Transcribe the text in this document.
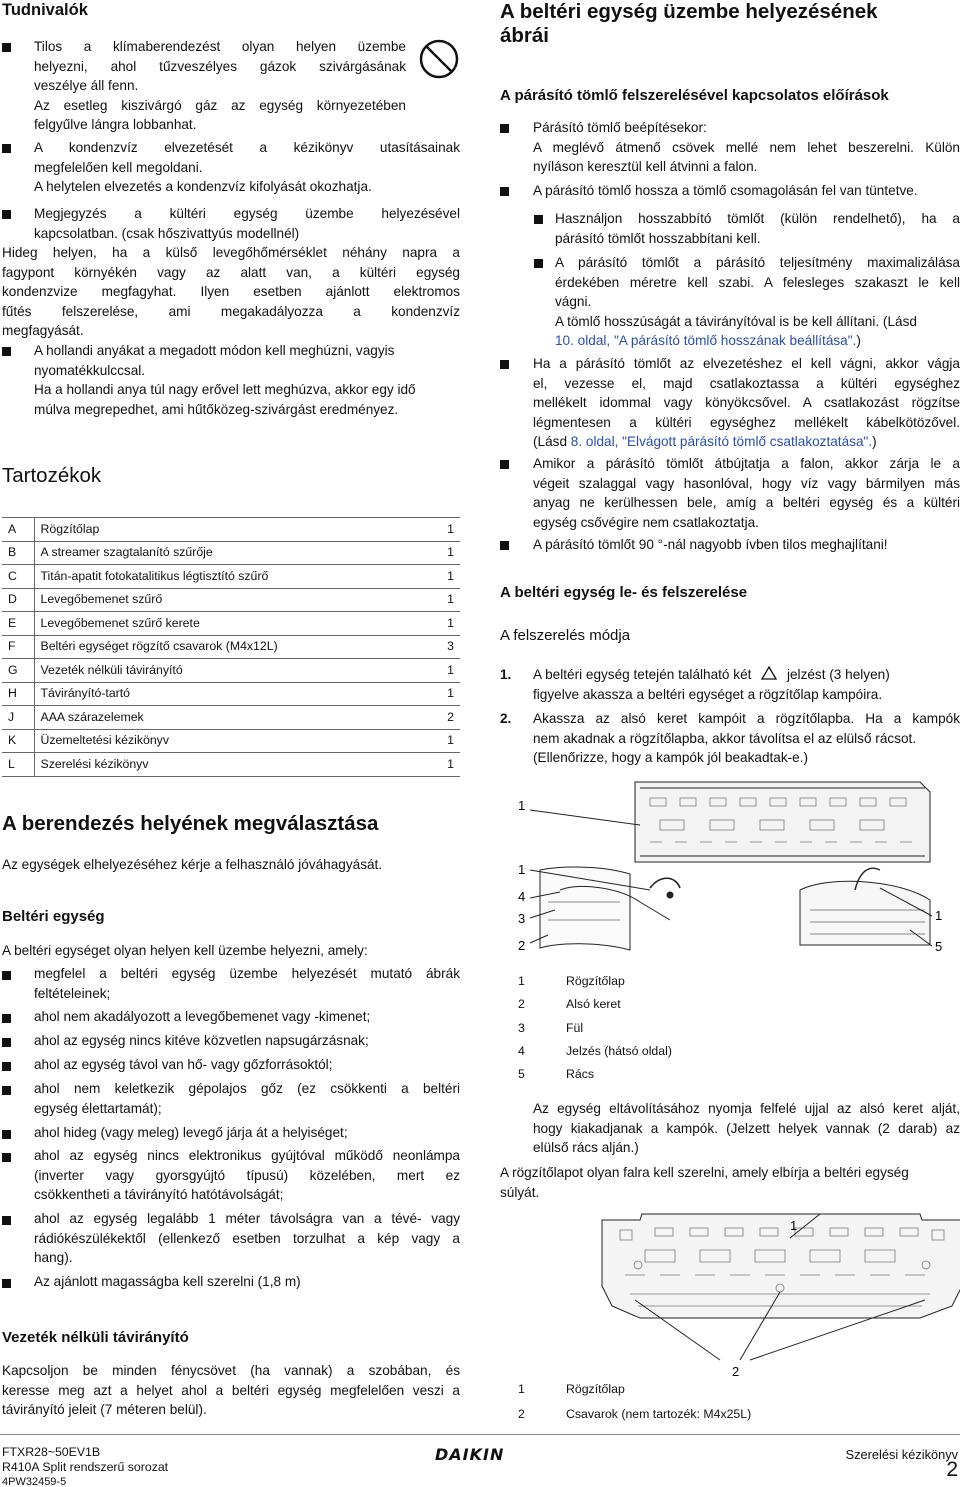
Tudnivalók
Tilos a klímaberendezést olyan helyen üzembe
helyezni, ahol tűzveszélyes gázok szivárgásának
veszélye áll fenn.
Az esetleg kiszivárgó gáz az egység környezetében
felgyűlve lángra lobbanhat.
A kondenzvíz elvezetését a kézikönyv utasításainak
megfelelően kell megoldani.
A helytelen elvezetés a kondenzvíz kifolyását okozhatja.
Megjegyzés a kültéri egység üzembe helyezésével
kapcsolatban. (csak hőszivattyús modellnél)
Hideg helyen, ha a külső levegőhőmérséklet néhány napra a
fagypont környékén vagy az alatt van, a kültéri egység
kondenzvize megfagyhat. Ilyen esetben ajánlott elektromos
fűtés felszerelése, ami megakadályozza a kondenzvíz
megfagyását.
A hollandi anyákat a megadott módon kell meghúzni, vagyis
nyomatékkulccsal.
Ha a hollandi anya túl nagy erővel lett meghúzva, akkor egy idő
múlva megrepedhet, ami hűtőközeg-szivárgást eredményez.
Tartozékok
A	Rögzítőlap	1
B	A streamer szagtalanító szűrője	1
C	Titán-apatit fotokatalitikus légtisztító szűrő	1
D	Levegőbemenet szűrő	1
E	Levegőbemenet szűrő kerete	1
F	Beltéri egységet rögzítő csavarok (M4x12L)	3
G	Vezeték nélküli távirányító	1
H	Távirányító-tartó	1
J	AAA szárazelemek	2
K	Üzemeltetési kézikönyv	1
L	Szerelési kézikönyv	1
A berendezés helyének megválasztása
Az egységek elhelyezéséhez kérje a felhasználó jóváhagyását.
Beltéri egység
A beltéri egységet olyan helyen kell üzembe helyezni, amely:
megfelel a beltéri egység üzembe helyezését mutató ábrák
feltételeinek;
ahol nem akadályozott a levegőbemenet vagy -kimenet;
ahol az egység nincs kitéve közvetlen napsugárzásnak;
ahol az egység távol van hő- vagy gőzforrásoktól;
ahol nem keletkezik gépolajos gőz (ez csökkenti a beltéri
egység élettartamát);
ahol hideg (vagy meleg) levegő járja át a helyiséget;
ahol az egység nincs elektronikus gyújtóval működő neonlámpa
(inverter vagy gyorsgyújtó típusú) közelében, mert ez
csökkentheti a távirányító hatótávolságát;
ahol az egység legalább 1 méter távolságra van a tévé- vagy
rádiókészülékektől (ellenkező esetben torzulhat a kép vagy a
hang).
Az ajánlott magasságba kell szerelni (1,8 m)
Vezeték nélküli távirányító
Kapcsoljon be minden fénycsövet (ha vannak) a szobában, és
keresse meg azt a helyet ahol a beltéri egység megfelelően veszi a
távirányító jeleit (7 méteren belül).
A beltéri egység üzembe helyezésének
ábrái
A párásító tömlő felszerelésével kapcsolatos előírások
Párásító tömlő beépítésekor:
A meglévő átmenő csövek mellé nem lehet beszerelni. Külön
nyíláson keresztül kell átvinni a falon.
A párásító tömlő hossza a tömlő csomagolásán fel van tüntetve.
Használjon hosszabbító tömlőt (külön rendelhető), ha a
párásító tömlőt hosszabbítani kell.
A párásító tömlőt a párásító teljesítmény maximalizálása
érdekében méretre kell szabi. A felesleges szakaszt le kell
vágni.
A tömlő hosszúságát a távirányítóval is be kell állítani. (Lásd
10. oldal, "A párásító tömlő hosszának beállítása".)
Ha a párásító tömlőt az elvezetéshez el kell vágni, akkor vágja
el, vezesse el, majd csatlakoztassa a kültéri egységhez
mellékelt idommal vagy könyökcsővel. A csatlakozást rögzítse
légmentesen a kültéri egységhez mellékelt kábelkötözővel.
(Lásd 8. oldal, "Elvágott párásító tömlő csatlakoztatása".)
Amikor a párásító tömlőt átbújtatja a falon, akkor zárja le a
végeit szalaggal vagy hasonlóval, hogy víz vagy bármilyen más
anyag ne kerülhessen bele, amíg a beltéri egység és a kültéri
egység csővégire nem csatlakoztatja.
A párásító tömlőt 90 °-nál nagyobb ívben tilos meghajlítani!
A beltéri egység le- és felszerelése
A felszerelés módja
1. A beltéri egység tetején található két	jelzést (3 helyen)
figyelve akassza a beltéri egységet a rögzítőlap kampóira.
2. Akassza az alsó keret kampóit a rögzítőlapba. Ha a kampók
nem akadnak a rögzítőlapba, akkor távolítsa el az elülső rácsot.
(Ellenőrizze, hogy a kampók jól beakadtak-e.)
1
1
4
3
2
1
5
1	Rögzítőlap
2	Alsó keret
3	Fül
4	Jelzés (hátsó oldal)
5	Rács
Az egység eltávolításához nyomja felfelé ujjal az alsó keret alját,
hogy kiakadjanak a kampók. (Jelzett helyek vannak (2 darab) az
elülső rács alján.)
A rögzítőlapot olyan falra kell szerelni, amely elbírja a beltéri egység
súlyát.
1
2
1	Rögzítőlap
2	Csavarok (nem tartozék: M4x25L)
FTXR28~50EV1B
R410A Split rendszerű sorozat
4PW32459-5
DAIKIN	Szerelési kézikönyv
2
